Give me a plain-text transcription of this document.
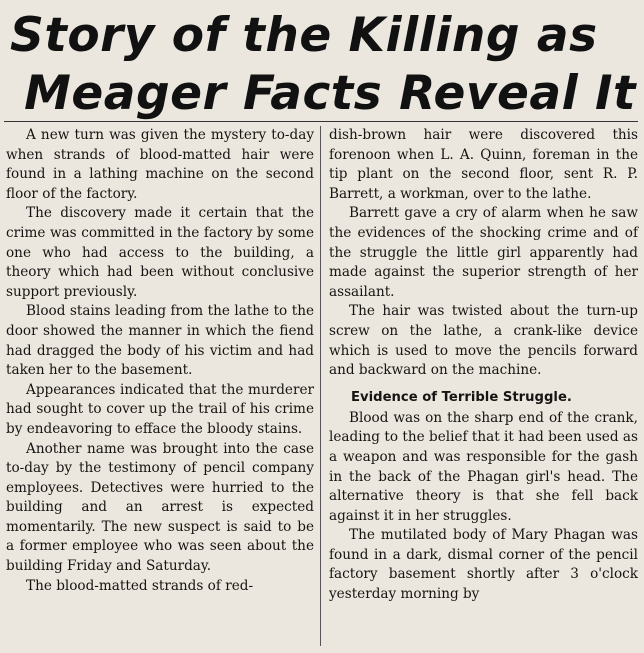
Story of the Killing as
Meager Facts Reveal It

A new turn was given the mystery to-day when strands of blood-matted hair were found in a lathing machine on the second floor of the factory.

The discovery made it certain that the crime was committed in the factory by some one who had access to the building, a theory which had been without conclusive support previously.

Blood stains leading from the lathe to the door showed the manner in which the fiend had dragged the body of his victim and had taken her to the basement.

Appearances indicated that the murderer had sought to cover up the trail of his crime by endeavoring to efface the bloody stains.

Another name was brought into the case to-day by the testimony of pencil company employees. Detectives were hurried to the building and an arrest is expected momentarily. The new suspect is said to be a former employee who was seen about the building Friday and Saturday.

The blood-matted strands of red-

dish-brown hair were discovered this forenoon when L. A. Quinn, foreman in the tip plant on the second floor, sent R. P. Barrett, a workman, over to the lathe.

Barrett gave a cry of alarm when he saw the evidences of the shocking crime and of the struggle the little girl apparently had made against the superior strength of her assailant.

The hair was twisted about the turn-up screw on the lathe, a crank-like device which is used to move the pencils forward and backward on the machine.

Evidence of Terrible Struggle.

Blood was on the sharp end of the crank, leading to the belief that it had been used as a weapon and was responsible for the gash in the back of the Phagan girl's head. The alternative theory is that she fell back against it in her struggles.

The mutilated body of Mary Phagan was found in a dark, dismal corner of the pencil factory basement shortly after 3 o'clock yesterday morning by
